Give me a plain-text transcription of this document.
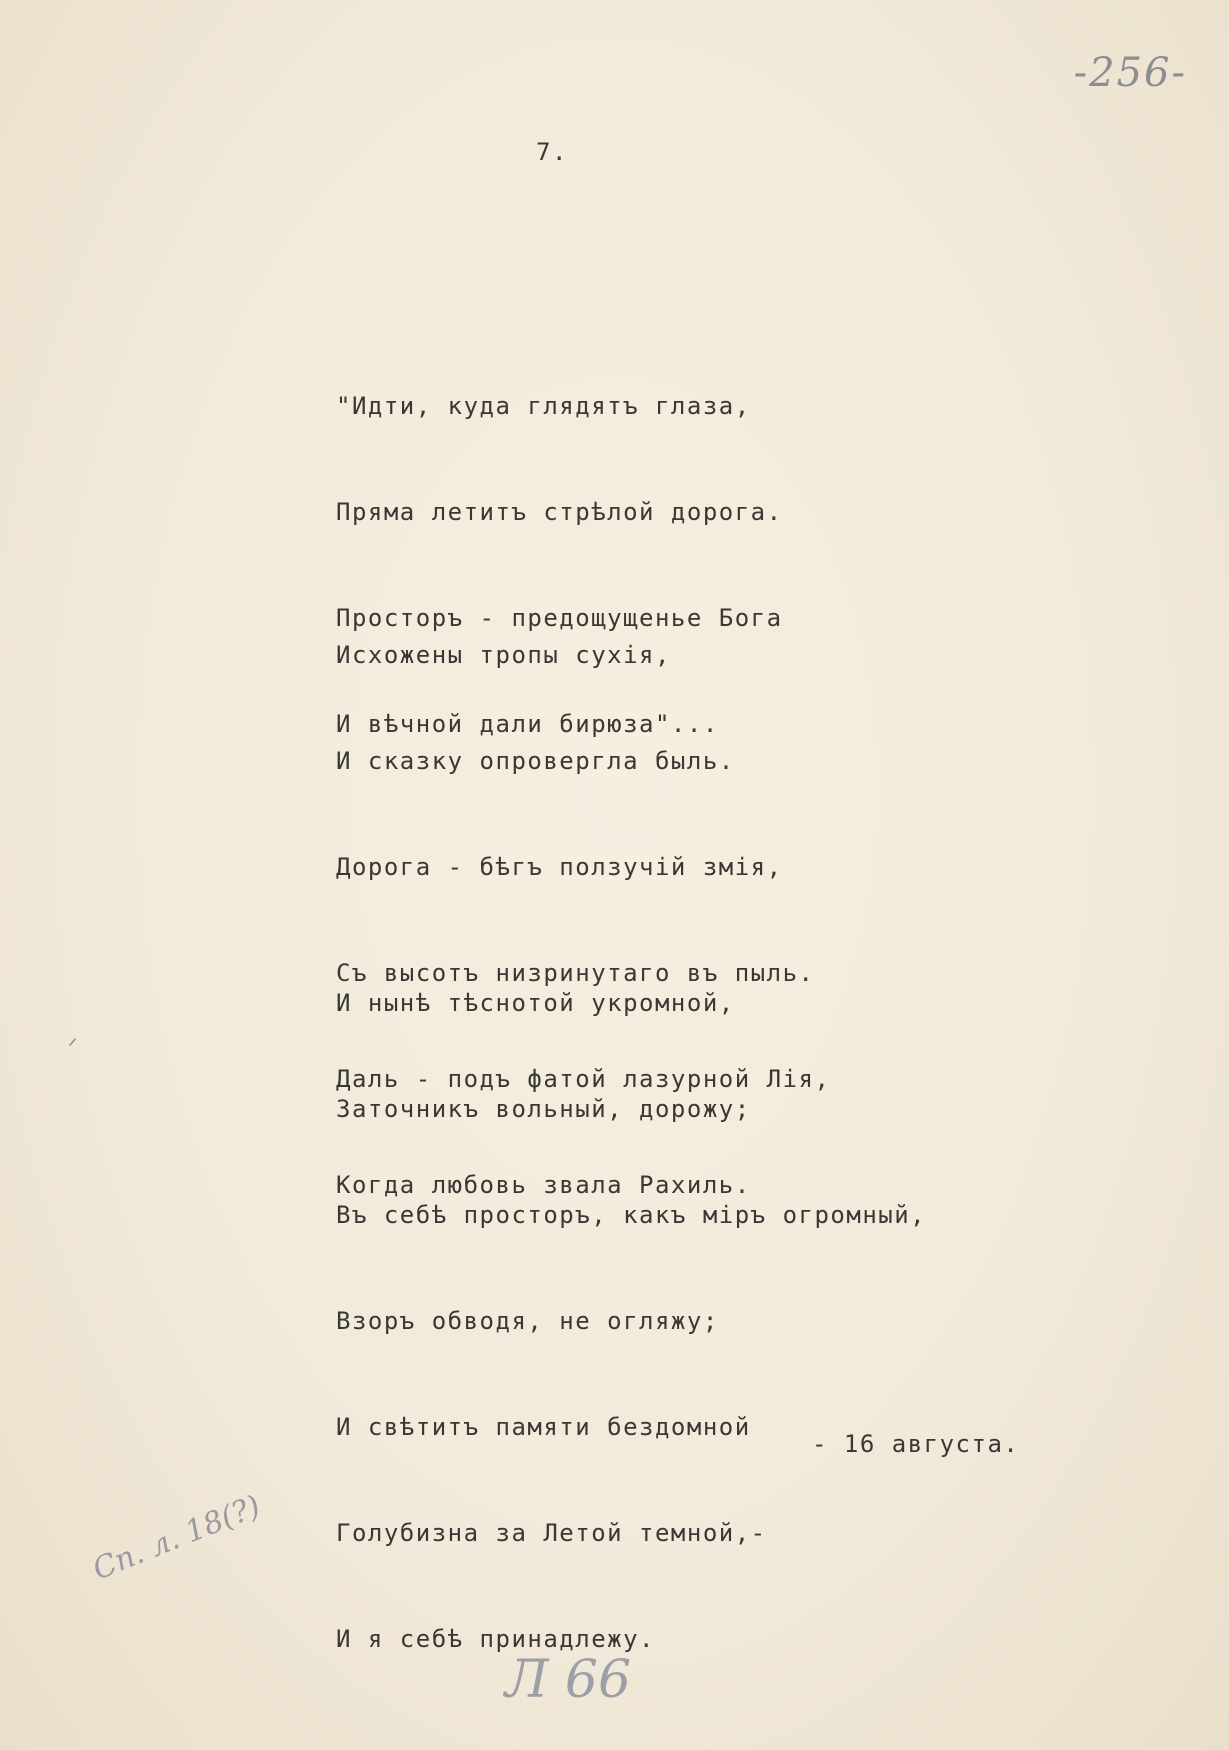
-256-
7.

"Идти, куда глядятъ глаза,

Пряма летитъ стрѣлой дорога.

Просторъ - предощущенье Бога

И вѣчной дали бирюза"...

Исхожены тропы сухія,

И сказку опровергла быль.

Дорога - бѣгъ ползучій змія,

Съ высотъ низринутаго въ пыль.

Даль - подъ фатой лазурной Лія,

Когда любовь звала Рахиль.

И нынѣ тѣснотой укромной,

Заточникъ вольный, дорожу;

Въ себѣ просторъ, какъ міръ огромный,

Взоръ обводя, не огляжу;

И свѣтитъ памяти бездомной

Голубизна за Летой темной,-

И я себѣ принадлежу.

- 16 августа.
Сп. л. 18(?)
Л 66
ᐟ
